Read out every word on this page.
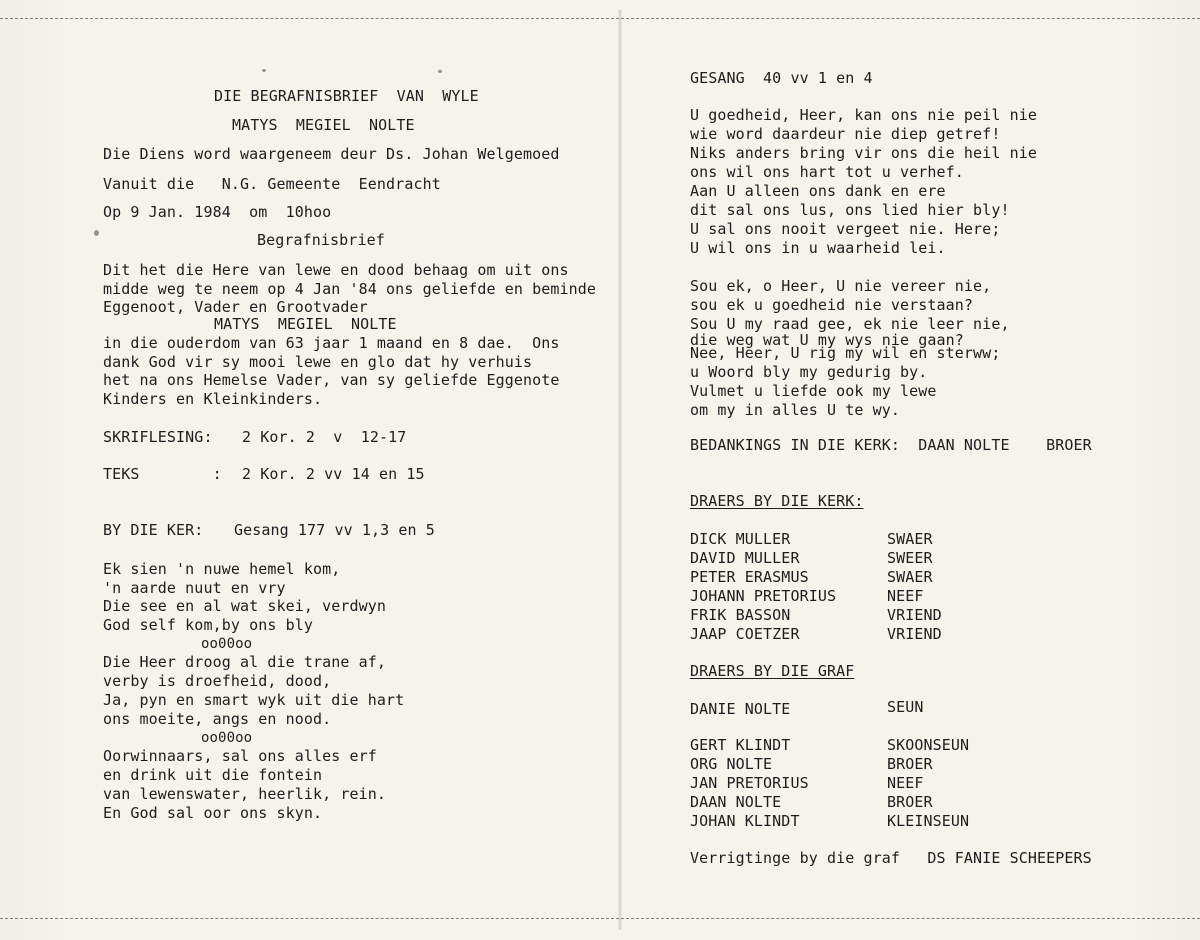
DIE BEGRAFNISBRIEF  VAN  WYLE
MATYS  MEGIEL  NOLTE
Die Diens word waargeneem deur Ds. Johan Welgemoed
Vanuit die   N.G. Gemeente  Eendracht
Op 9 Jan. 1984  om  10hoo
Begrafnisbrief
Dit het die Here van lewe en dood behaag om uit ons
midde weg te neem op 4 Jan '84 ons geliefde en beminde
Eggenoot, Vader en Grootvader
MATYS  MEGIEL  NOLTE
in die ouderdom van 63 jaar 1 maand en 8 dae.  Ons
dank God vir sy mooi lewe en glo dat hy verhuis
het na ons Hemelse Vader, van sy geliefde Eggenote
Kinders en Kleinkinders.
SKRIFLESING: 2 Kor. 2  v  12-17
TEKS        : 2 Kor. 2 vv 14 en 15
BY DIE KER: Gesang 177 vv 1,3 en 5
Ek sien 'n nuwe hemel kom,
'n aarde nuut en vry
Die see en al wat skei, verdwyn
God self kom,by ons bly
oo00oo
Die Heer droog al die trane af,
verby is droefheid, dood,
Ja, pyn en smart wyk uit die hart
ons moeite, angs en nood.
oo00oo
Oorwinnaars, sal ons alles erf
en drink uit die fontein
van lewenswater, heerlik, rein.
En God sal oor ons skyn.
GESANG  40 vv 1 en 4
U goedheid, Heer, kan ons nie peil nie
wie word daardeur nie diep getref!
Niks anders bring vir ons die heil nie
ons wil ons hart tot u verhef.
Aan U alleen ons dank en ere
dit sal ons lus, ons lied hier bly!
U sal ons nooit vergeet nie. Here;
U wil ons in u waarheid lei.
Sou ek, o Heer, U nie vereer nie,
sou ek u goedheid nie verstaan?
Sou U my raad gee, ek nie leer nie,
die weg wat U my wys nie gaan?
Nee, Heer, U rig my wil en sterww;
u Woord bly my gedurig by.
Vulmet u liefde ook my lewe
om my in alles U te wy.
BEDANKINGS IN DIE KERK:  DAAN NOLTE    BROER
DRAERS BY DIE KERK:
DICK MULLER	SWAER
DAVID MULLER	SWEER
PETER ERASMUS	SWAER
JOHANN PRETORIUS	NEEF
FRIK BASSON	VRIEND
JAAP COETZER	VRIEND
DRAERS BY DIE GRAF
DANIE NOLTE	SEUN
GERT KLINDT	SKOONSEUN
ORG NOLTE	BROER
JAN PRETORIUS	NEEF
DAAN NOLTE	BROER
JOHAN KLINDT	KLEINSEUN
Verrigtinge by die graf   DS FANIE SCHEEPERS
